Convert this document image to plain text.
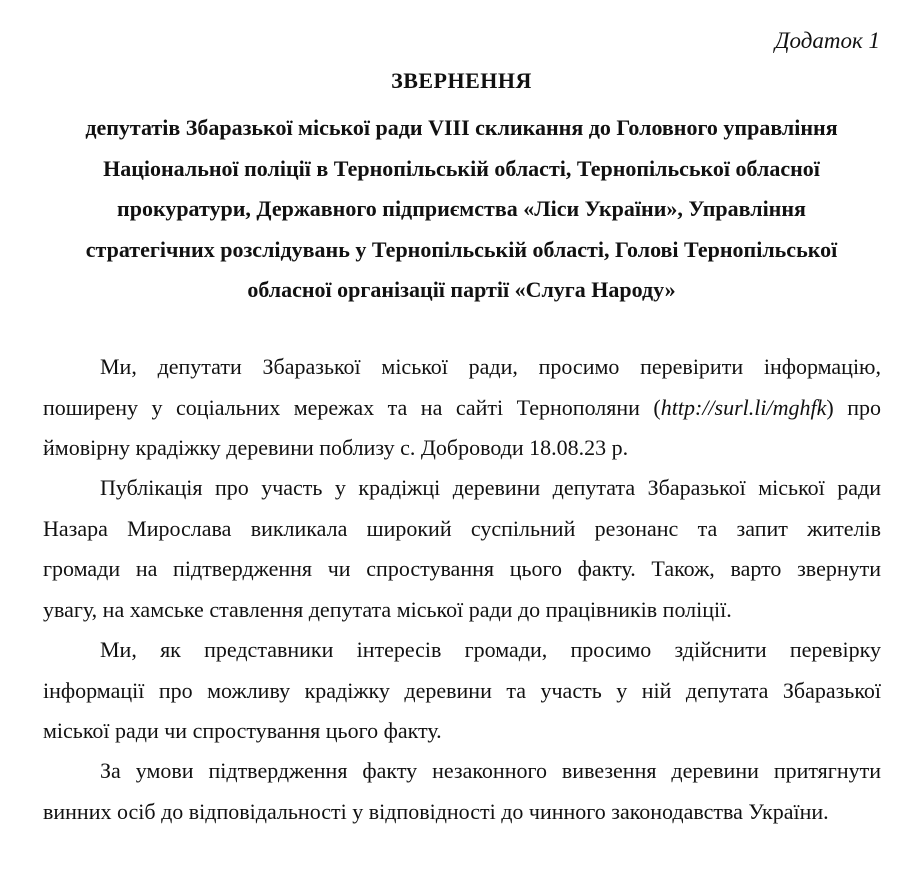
Додаток 1
ЗВЕРНЕННЯ
депутатів Збаразької міської ради VIII скликання до Головного управління
Національної поліції в Тернопільській області, Тернопільської обласної
прокуратури, Державного підприємства «Ліси України», Управління
стратегічних розслідувань у Тернопільській області, Голові Тернопільської
обласної організації партії «Слуга Народу»
Ми, депутати Збаразької міської ради, просимо перевірити інформацію,
поширену у соціальних мережах та на сайті Тернополяни (http://surl.li/mghfk) про
ймовірну крадіжку деревини поблизу с. Доброводи 18.08.23 р.
Публікація про участь у крадіжці деревини депутата Збаразької міської ради
Назара Мирослава викликала широкий суспільний резонанс та запит жителів
громади на підтвердження чи спростування цього факту. Також, варто звернути
увагу, на хамське ставлення депутата міської ради до працівників поліції.
Ми, як представники інтересів громади, просимо здійснити перевірку
інформації про можливу крадіжку деревини та участь у ній депутата Збаразької
міської ради чи спростування цього факту.
За умови підтвердження факту незаконного вивезення деревини притягнути
винних осіб до відповідальності у відповідності до чинного законодавства України.
